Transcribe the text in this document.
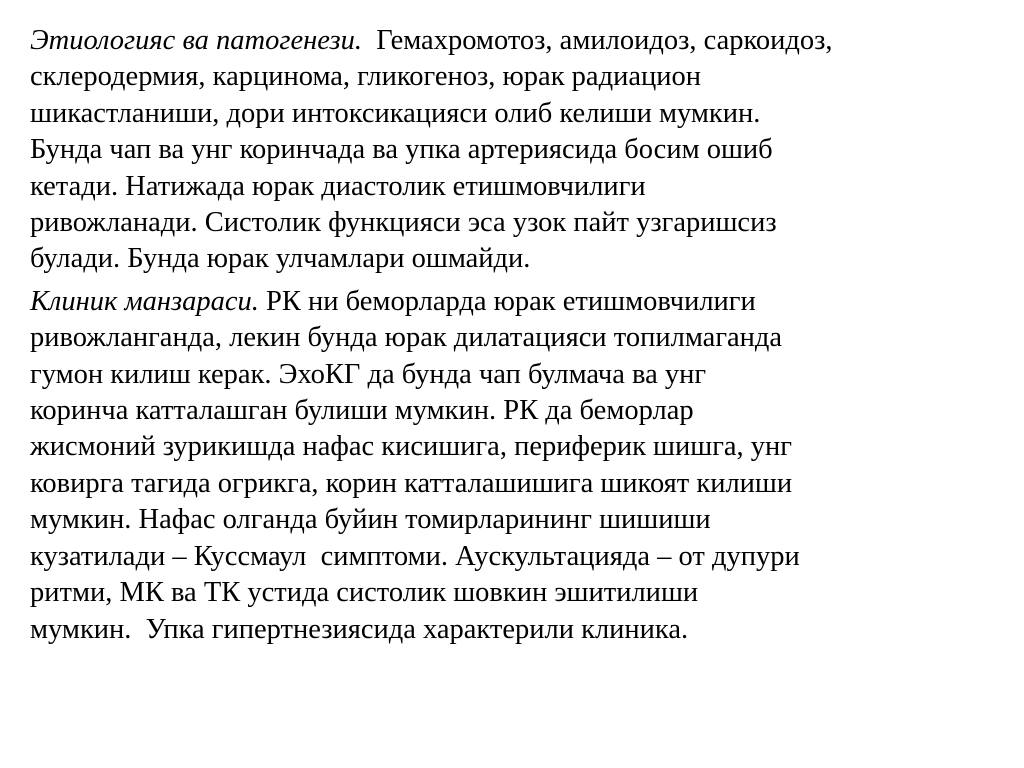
Этиологияс ва патогенези.  Гемахромотоз, амилоидоз, саркоидоз,
склеродермия, карцинома, гликогеноз, юрак радиацион
шикастланиши, дори интоксикацияси олиб келиши мумкин.
Бунда чап ва унг коринчада ва упка артериясида босим ошиб
кетади. Натижада юрак диастолик етишмовчилиги
ривожланади. Систолик функцияси эса узок пайт узгаришсиз
булади. Бунда юрак улчамлари ошмайди.

Клиник манзараси. РК ни беморларда юрак етишмовчилиги
ривожланганда, лекин бунда юрак дилатацияси топилмаганда
гумон килиш керак. ЭхоКГ да бунда чап булмача ва унг
коринча катталашган булиши мумкин. РК да беморлар
жисмоний зурикишда нафас кисишига, периферик шишга, унг
ковирга тагида огрикга, корин катталашишига шикоят килиши
мумкин. Нафас олганда буйин томирларининг шишиши
кузатилади – Куссмаул  симптоми. Аускультацияда – от дупури
ритми, МК ва ТК устида систолик шовкин эшитилиши
мумкин.  Упка гипертнезиясида характерили клиника.
